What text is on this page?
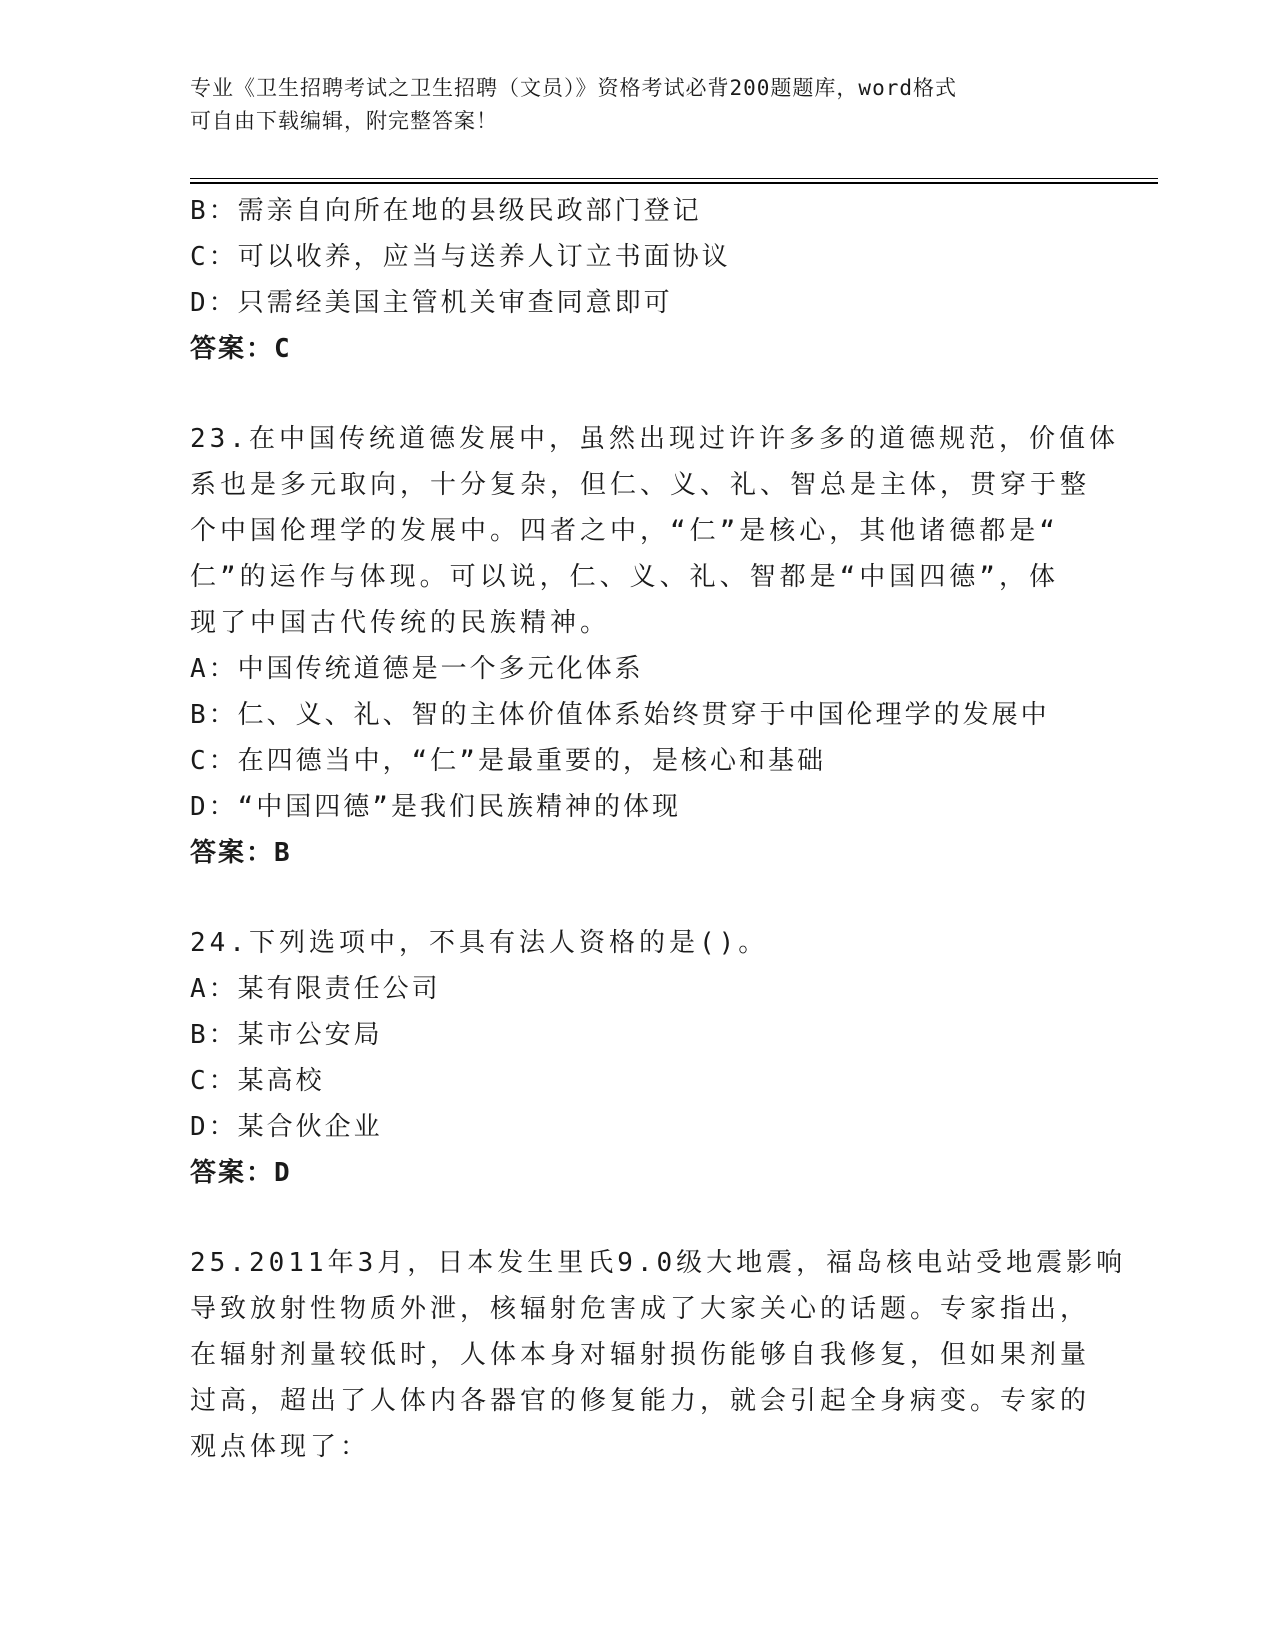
专业《卫生招聘考试之卫生招聘（文员）》资格考试必背200题题库，word格式
可自由下载编辑，附完整答案！
B：需亲自向所在地的县级民政部门登记
C：可以收养，应当与送养人订立书面协议
D：只需经美国主管机关审查同意即可
答案：C
23.在中国传统道德发展中，虽然出现过许许多多的道德规范，价值体
系也是多元取向，十分复杂，但仁、义、礼、智总是主体，贯穿于整
个中国伦理学的发展中。四者之中，“仁”是核心，其他诸德都是“
仁”的运作与体现。可以说，仁、义、礼、智都是“中国四德”，体
现了中国古代传统的民族精神。
A：中国传统道德是一个多元化体系
B：仁、义、礼、智的主体价值体系始终贯穿于中国伦理学的发展中
C：在四德当中，“仁”是最重要的，是核心和基础
D：“中国四德”是我们民族精神的体现
答案：B
24.下列选项中，不具有法人资格的是()。
A：某有限责任公司
B：某市公安局
C：某高校
D：某合伙企业
答案：D
25.2011年3月，日本发生里氏9.0级大地震，福岛核电站受地震影响
导致放射性物质外泄，核辐射危害成了大家关心的话题。专家指出，
在辐射剂量较低时，人体本身对辐射损伤能够自我修复，但如果剂量
过高，超出了人体内各器官的修复能力，就会引起全身病变。专家的
观点体现了：
